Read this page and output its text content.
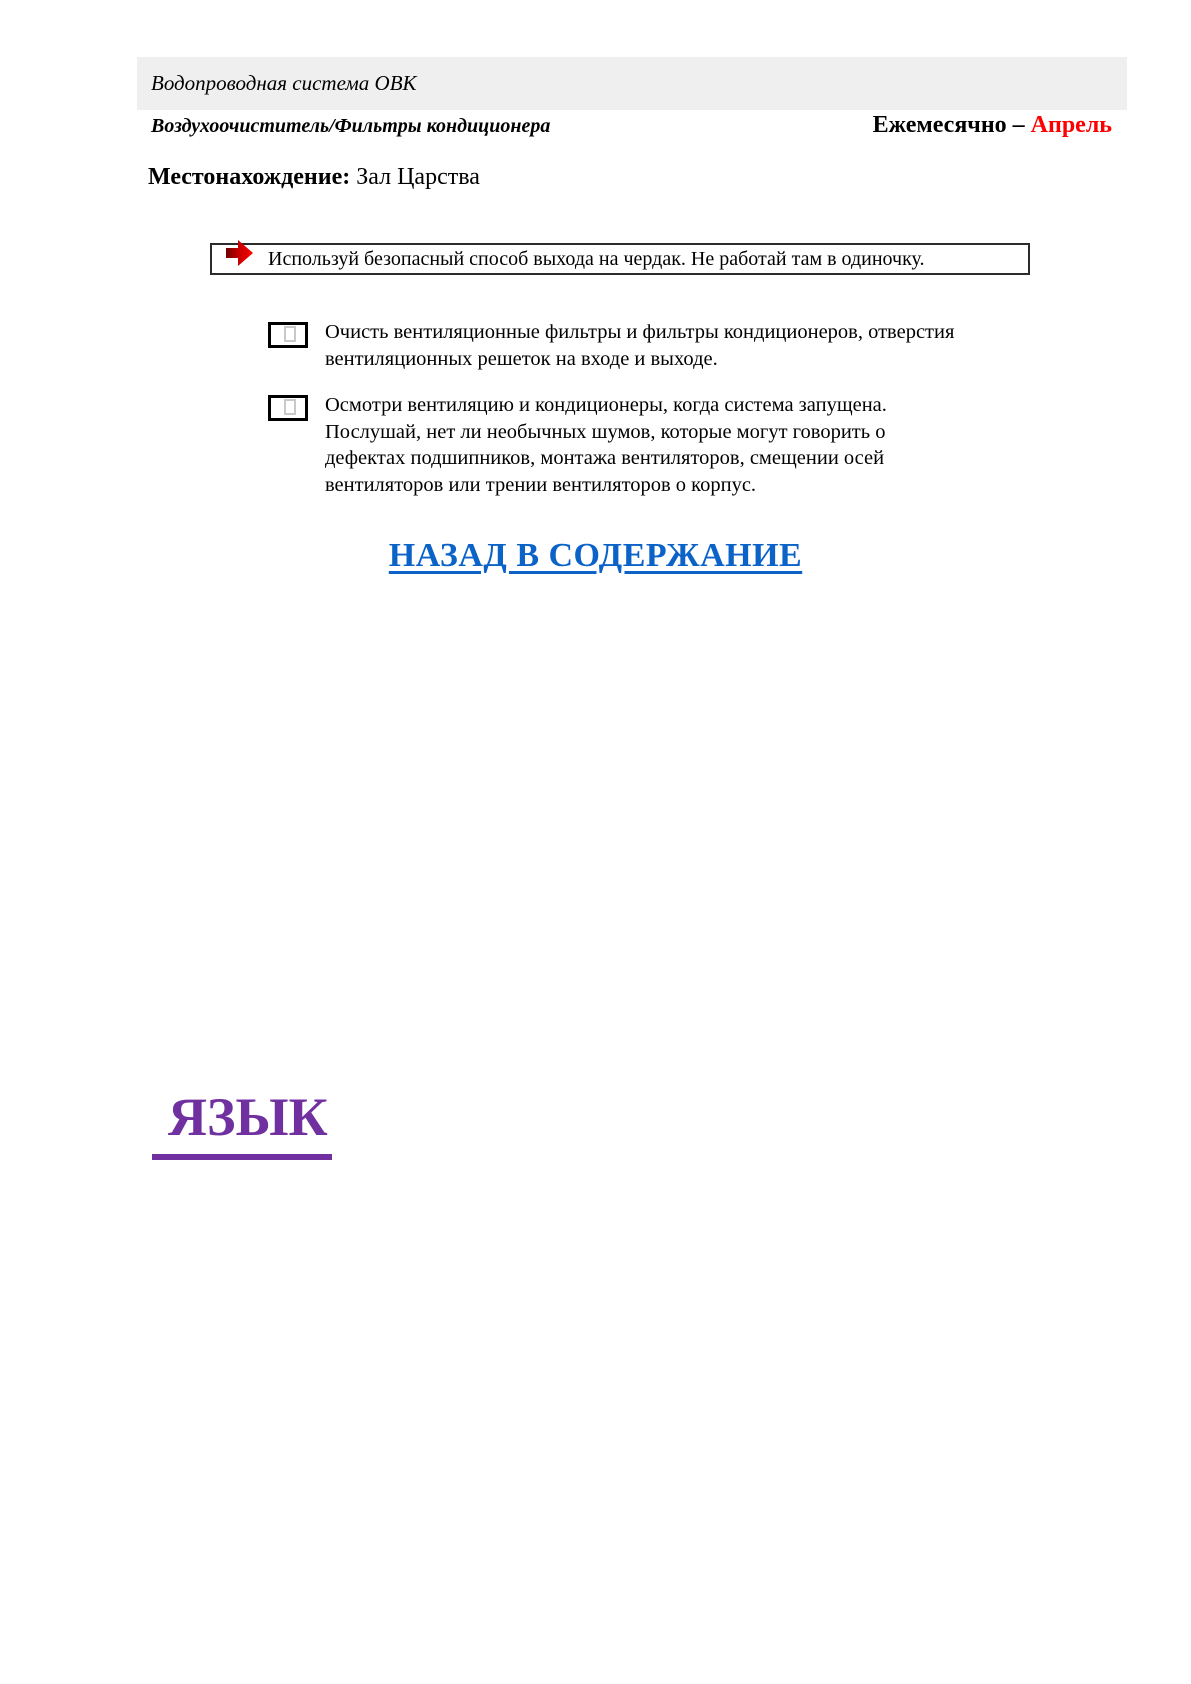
Водопроводная система ОВК
Воздухоочиститель/Фильтры кондиционера	Ежемесячно – Апрель
Местонахождение: Зал Царства
Используй безопасный способ выхода на чердак. Не работай там в одиночку.
Очисть вентиляционные фильтры и фильтры кондиционеров, отверстия
вентиляционных решеток на входе и выходе.
Осмотри вентиляцию и кондиционеры, когда система запущена.
Послушай, нет ли необычных шумов, которые могут говорить о
дефектах подшипников, монтажа вентиляторов, смещении осей
вентиляторов или трении вентиляторов о корпус.
НАЗАД В СОДЕРЖАНИЕ
ЯЗЫК
